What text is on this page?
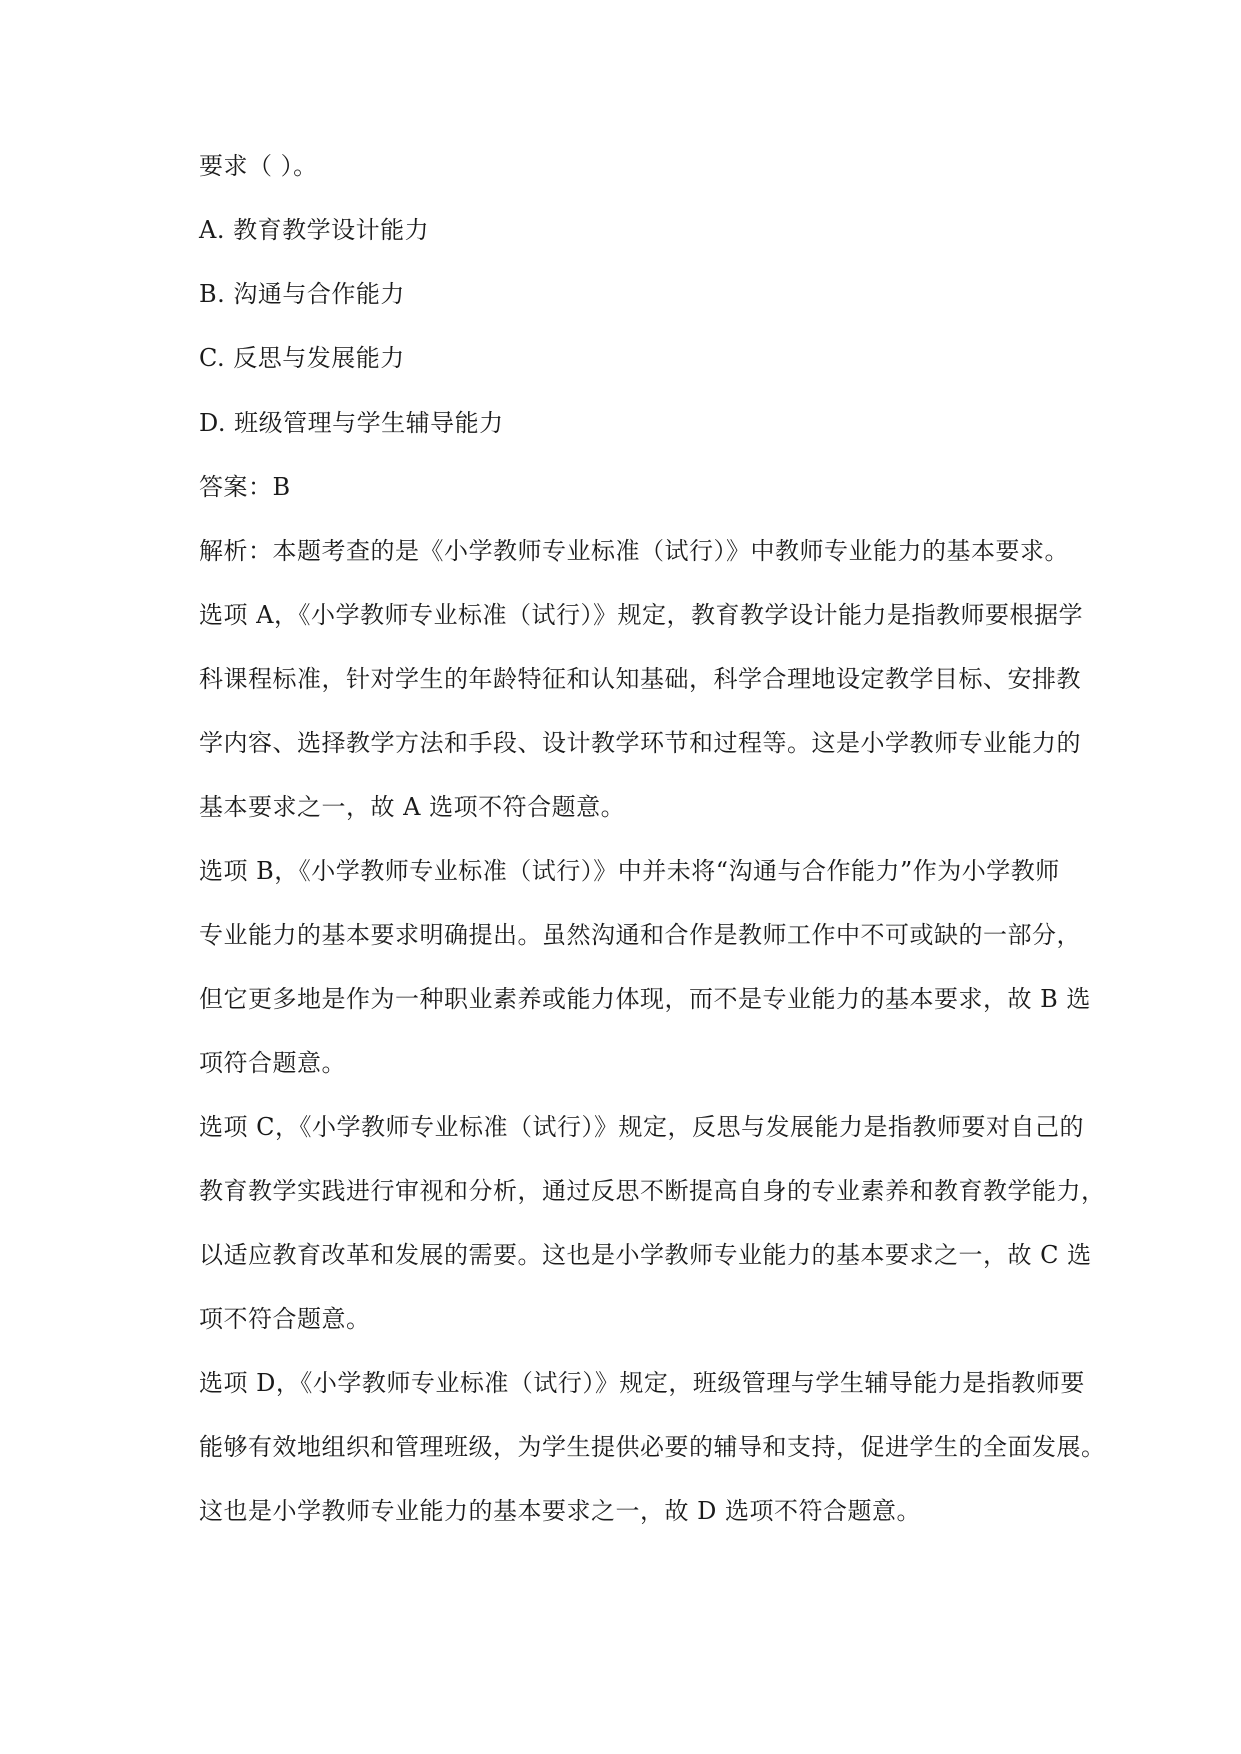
要求（ ）。
A. 教育教学设计能力
B. 沟通与合作能力
C. 反思与发展能力
D. 班级管理与学生辅导能力
答案：B
解析：本题考查的是《小学教师专业标准（试行）》中教师专业能力的基本要求。
选项 A，《小学教师专业标准（试行）》规定，教育教学设计能力是指教师要根据学
科课程标准，针对学生的年龄特征和认知基础，科学合理地设定教学目标、安排教
学内容、选择教学方法和手段、设计教学环节和过程等。这是小学教师专业能力的
基本要求之一，故 A 选项不符合题意。
选项 B，《小学教师专业标准（试行）》中并未将“沟通与合作能力”作为小学教师
专业能力的基本要求明确提出。虽然沟通和合作是教师工作中不可或缺的一部分，
但它更多地是作为一种职业素养或能力体现，而不是专业能力的基本要求，故 B 选
项符合题意。
选项 C，《小学教师专业标准（试行）》规定，反思与发展能力是指教师要对自己的
教育教学实践进行审视和分析，通过反思不断提高自身的专业素养和教育教学能力，
以适应教育改革和发展的需要。这也是小学教师专业能力的基本要求之一，故 C 选
项不符合题意。
选项 D，《小学教师专业标准（试行）》规定，班级管理与学生辅导能力是指教师要
能够有效地组织和管理班级，为学生提供必要的辅导和支持，促进学生的全面发展。
这也是小学教师专业能力的基本要求之一，故 D 选项不符合题意。
